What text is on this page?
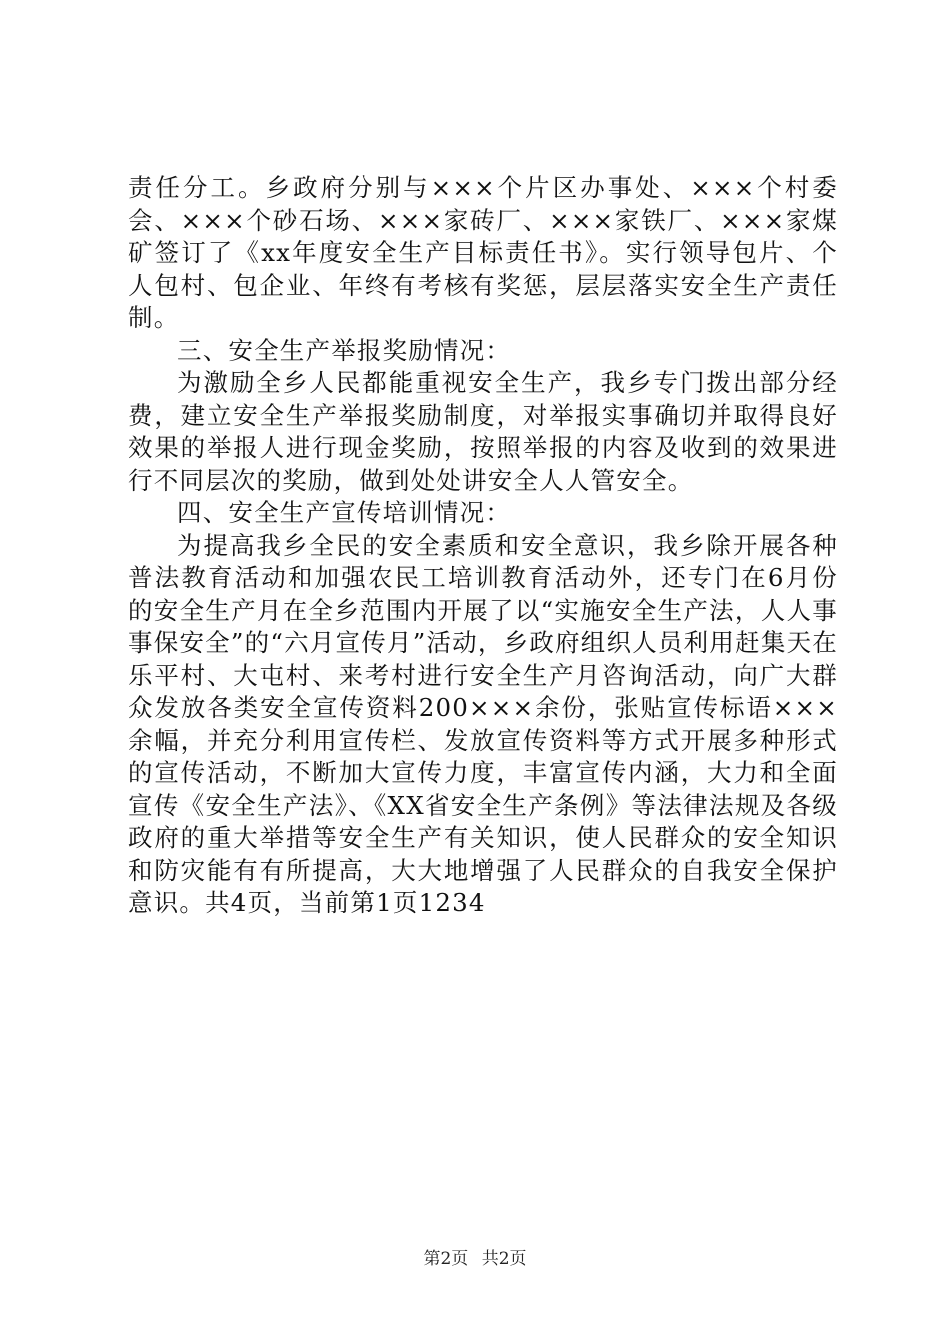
责任分工。乡政府分别与×××个片区办事处、×××个村委会、×××个砂石场、×××家砖厂、×××家铁厂、×××家煤矿签订了《xx年度安全生产目标责任书》。实行领导包片、个人包村、包企业、年终有考核有奖惩，层层落实安全生产责任制。

三、安全生产举报奖励情况：

为激励全乡人民都能重视安全生产，我乡专门拨出部分经费，建立安全生产举报奖励制度，对举报实事确切并取得良好效果的举报人进行现金奖励，按照举报的内容及收到的效果进行不同层次的奖励，做到处处讲安全人人管安全。

四、安全生产宣传培训情况：

为提高我乡全民的安全素质和安全意识，我乡除开展各种普法教育活动和加强农民工培训教育活动外，还专门在6月份的安全生产月在全乡范围内开展了以“实施安全生产法，人人事事保安全”的“六月宣传月”活动，乡政府组织人员利用赶集天在乐平村、大屯村、来考村进行安全生产月咨询活动，向广大群众发放各类安全宣传资料200×××余份，张贴宣传标语×××余幅，并充分利用宣传栏、发放宣传资料等方式开展多种形式的宣传活动，不断加大宣传力度，丰富宣传内涵，大力和全面宣传《安全生产法》、《XX省安全生产条例》等法律法规及各级政府的重大举措等安全生产有关知识，使人民群众的安全知识和防灾能有有所提高，大大地增强了人民群众的自我安全保护意识。共4页，当前第1页1234

第2页 共2页
